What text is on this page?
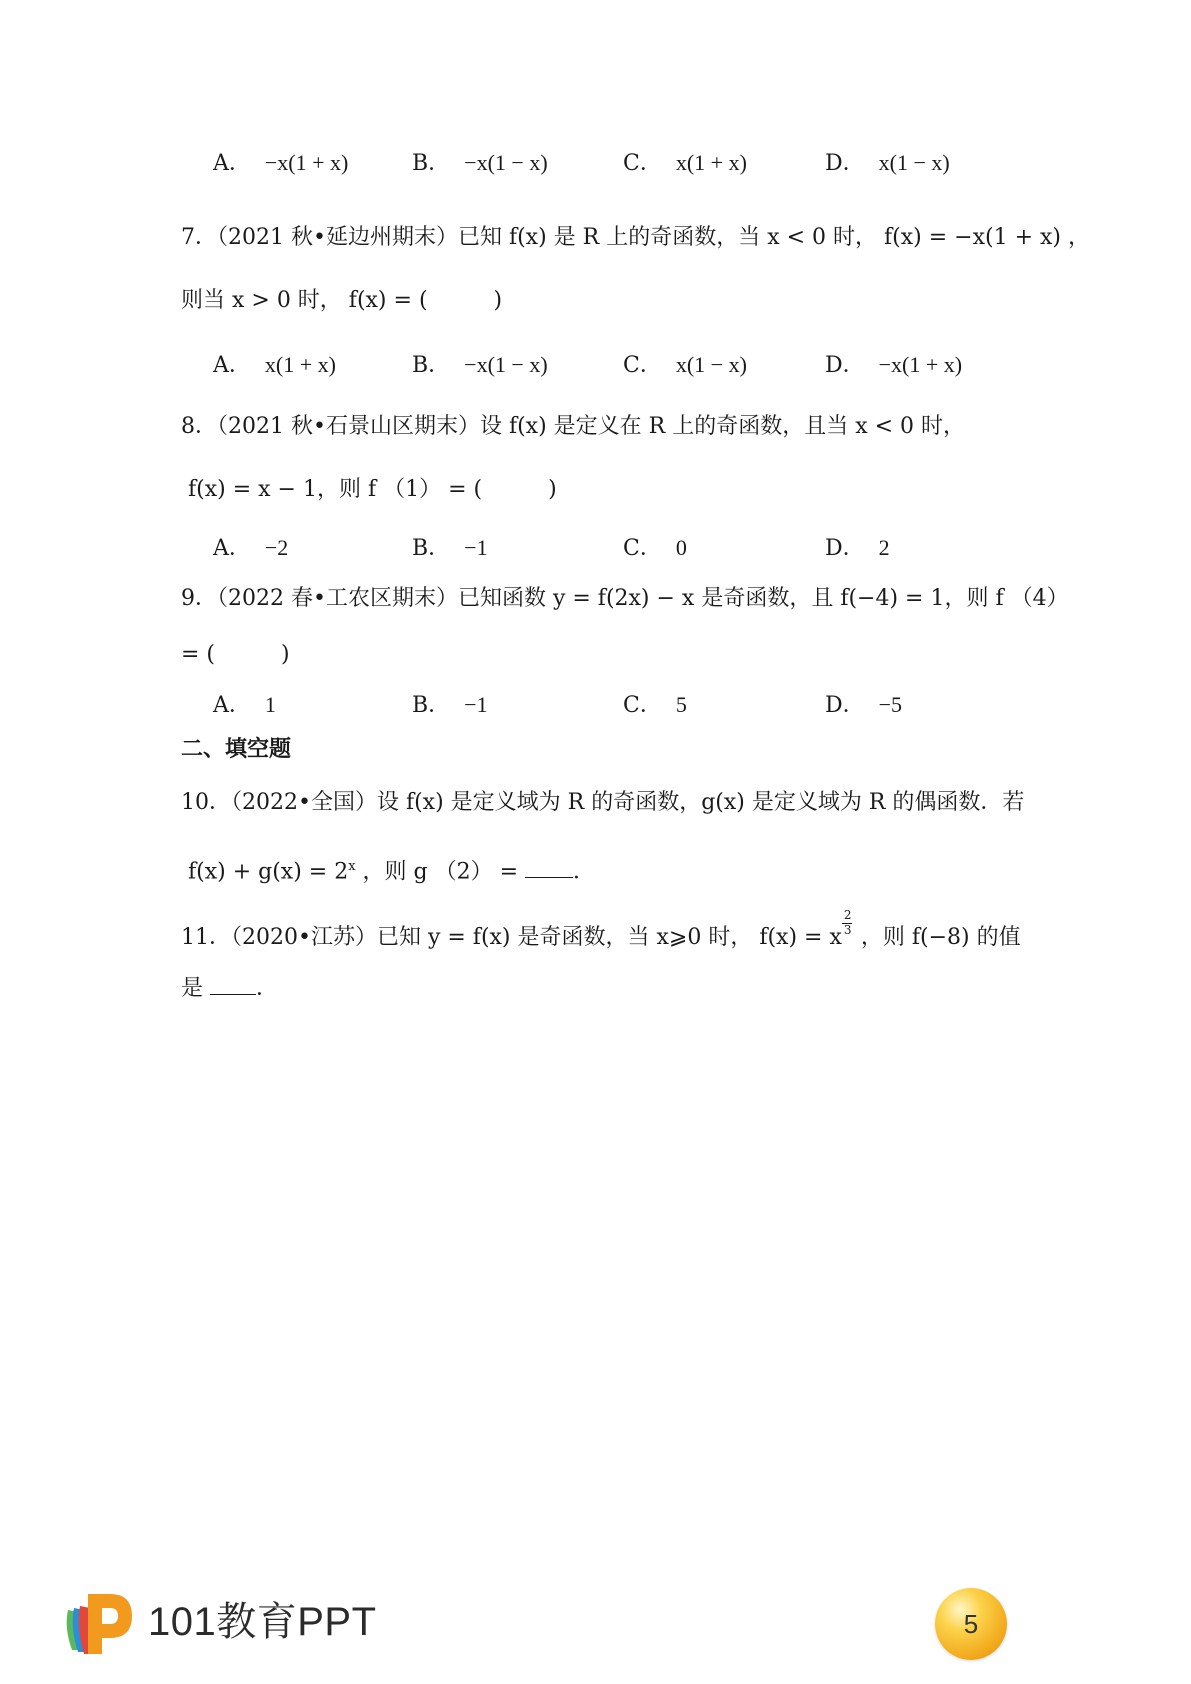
A． −x(1 + x)	B． −x(1 − x)	C． x(1 + x)	D． x(1 − x)
7．（2021 秋•延边州期末）已知 f(x) 是 R 上的奇函数，当 x < 0 时， f(x) = −x(1 + x) ，
则当 x > 0 时， f(x) = (　　　)
A． x(1 + x)	B． −x(1 − x)	C． x(1 − x)	D． −x(1 + x)
8．（2021 秋•石景山区期末）设 f(x) 是定义在 R 上的奇函数，且当 x < 0 时，
f(x) = x − 1，则 f （1） = (　　　)
A． −2	B． −1	C． 0	D． 2
9．（2022 春•工农区期末）已知函数 y = f(2x) − x 是奇函数，且 f(−4) = 1，则 f （4）
= (　　　)
A． 1	B． −1	C． 5	D． −5
二、填空题
10．（2022•全国）设 f(x) 是定义域为 R 的奇函数，g(x) 是定义域为 R 的偶函数．若
$f(x) + g(x) = 2^x$ ，则 g （2） = ．
11．（2020•江苏）已知 y = f(x) 是奇函数，当 x⩾0 时， f(x) = x $\frac{2}{3}$ ，则 f(−8) 的值
是 ．
101教育PPT	5
